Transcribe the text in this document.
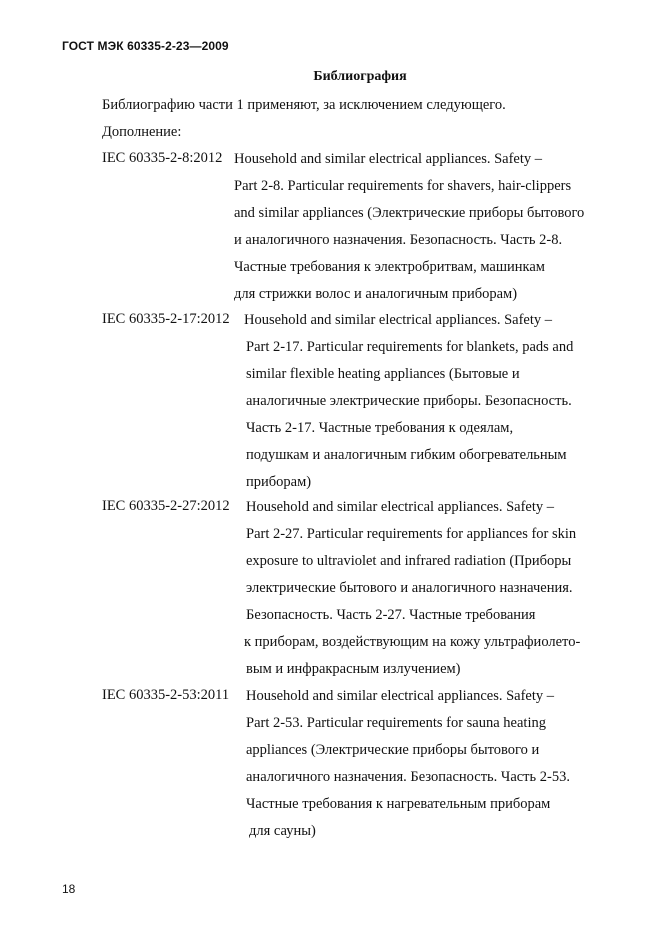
ГОСТ МЭК 60335-2-23—2009
Библиография
Библиографию части 1 применяют, за исключением следующего.
Дополнение:
IEC 60335-2-8:2012 Household and similar electrical appliances. Safety –
Part 2-8. Particular requirements for shavers, hair-clippers
and similar appliances (Электрические приборы бытового
и аналогичного назначения. Безопасность. Часть 2-8.
Частные требования к электробритвам, машинкам
для стрижки волос и аналогичным приборам)
IEC 60335-2-17:2012 Household and similar electrical appliances. Safety –
Part 2-17. Particular requirements for blankets, pads and
similar flexible heating appliances (Бытовые и
аналогичные электрические приборы. Безопасность.
Часть 2-17. Частные требования к одеялам,
подушкам и аналогичным гибким обогревательным
приборам)
IEC 60335-2-27:2012 Household and similar electrical appliances. Safety –
Part 2-27. Particular requirements for appliances for skin
exposure to ultraviolet and infrared radiation (Приборы
электрические бытового и аналогичного назначения.
Безопасность. Часть 2-27. Частные требования
к приборам, воздействующим на кожу ультрафиолето-
вым и инфракрасным излучением)
IEC 60335-2-53:2011 Household and similar electrical appliances. Safety –
Part 2-53. Particular requirements for sauna heating
appliances (Электрические приборы бытового и
аналогичного назначения. Безопасность. Часть 2-53.
Частные требования к нагревательным приборам
для сауны)
18
